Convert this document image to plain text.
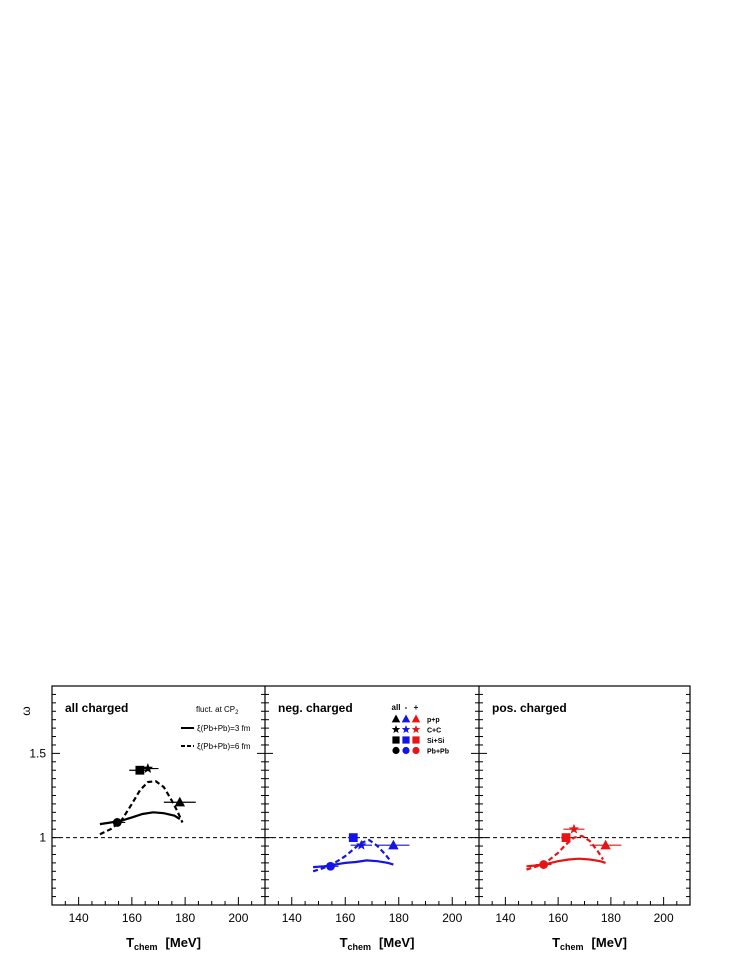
140	160	180	200
1
1.5
ω
$T_{chem}$ [MeV]
all charged	fluct. at $CP_2$
ξ(Pb+Pb)=3 fm
ξ(Pb+Pb)=6 fm
140	160	180	200
$T_{chem}$ [MeV]
neg. charged	all - +
p+p
C+C
Si+Si
Pb+Pb
140	160	180	200
$T_{chem}$ [MeV]
pos. charged
